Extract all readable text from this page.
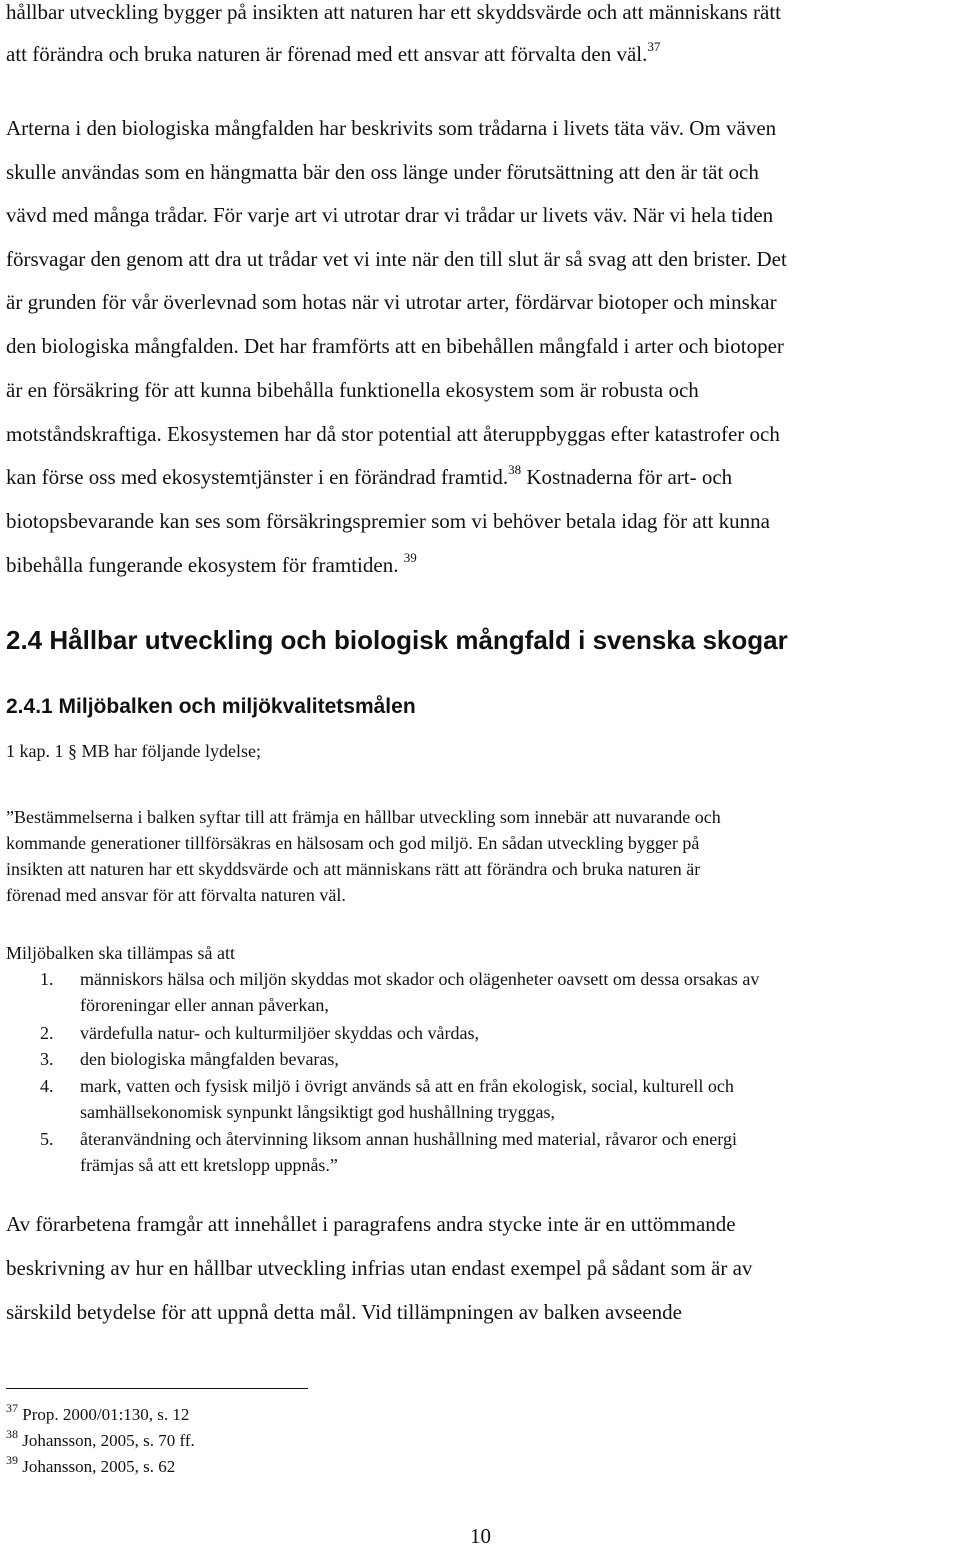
hållbar utveckling bygger på insikten att naturen har ett skyddsvärde och att människans rätt
att förändra och bruka naturen är förenad med ett ansvar att förvalta den väl.$^{37}$
Arterna i den biologiska mångfalden har beskrivits som trådarna i livets täta väv. Om väven
skulle användas som en hängmatta bär den oss länge under förutsättning att den är tät och
vävd med många trådar. För varje art vi utrotar drar vi trådar ur livets väv. När vi hela tiden
försvagar den genom att dra ut trådar vet vi inte när den till slut är så svag att den brister. Det
är grunden för vår överlevnad som hotas när vi utrotar arter, fördärvar biotoper och minskar
den biologiska mångfalden. Det har framförts att en bibehållen mångfald i arter och biotoper
är en försäkring för att kunna bibehålla funktionella ekosystem som är robusta och
motståndskraftiga. Ekosystemen har då stor potential att återuppbyggas efter katastrofer och
kan förse oss med ekosystemtjänster i en förändrad framtid.$^{38}$ Kostnaderna för art- och
biotopsbevarande kan ses som försäkringspremier som vi behöver betala idag för att kunna
bibehålla fungerande ekosystem för framtiden. $^{39}$
2.4 Hållbar utveckling och biologisk mångfald i svenska skogar
2.4.1 Miljöbalken och miljökvalitetsmålen
1 kap. 1 § MB har följande lydelse;
”Bestämmelserna i balken syftar till att främja en hållbar utveckling som innebär att nuvarande och
kommande generationer tillförsäkras en hälsosam och god miljö. En sådan utveckling bygger på
insikten att naturen har ett skyddsvärde och att människans rätt att förändra och bruka naturen är
förenad med ansvar för att förvalta naturen väl.
Miljöbalken ska tillämpas så att
1. människors hälsa och miljön skyddas mot skador och olägenheter oavsett om dessa orsakas av
föroreningar eller annan påverkan,
2. värdefulla natur- och kulturmiljöer skyddas och vårdas,
3. den biologiska mångfalden bevaras,
4. mark, vatten och fysisk miljö i övrigt används så att en från ekologisk, social, kulturell och
samhällsekonomisk synpunkt långsiktigt god hushållning tryggas,
5. återanvändning och återvinning liksom annan hushållning med material, råvaror och energi
främjas så att ett kretslopp uppnås.”
Av förarbetena framgår att innehållet i paragrafens andra stycke inte är en uttömmande
beskrivning av hur en hållbar utveckling infrias utan endast exempel på sådant som är av
särskild betydelse för att uppnå detta mål. Vid tillämpningen av balken avseende
$^{37}$ Prop. 2000/01:130, s. 12
$^{38}$ Johansson, 2005, s. 70 ff.
$^{39}$ Johansson, 2005, s. 62
10
